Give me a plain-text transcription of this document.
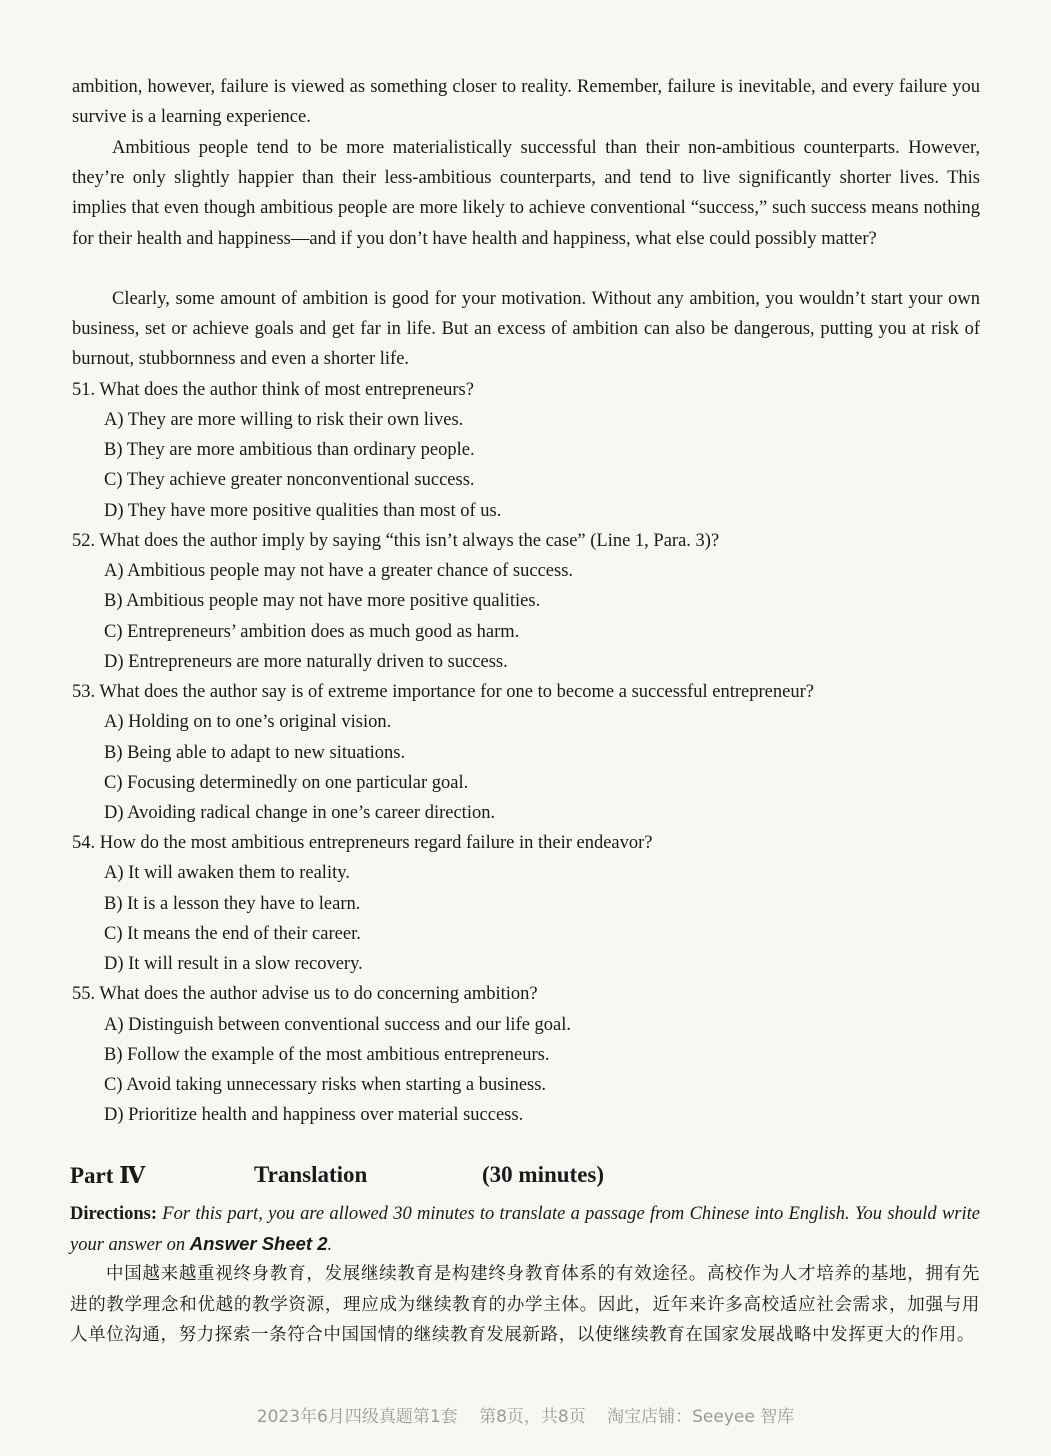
ambition, however, failure is viewed as something closer to reality. Remember, failure is inevitable, and every failure you survive is a learning experience.

Ambitious people tend to be more materialistically successful than their non-ambitious counterparts. However, they’re only slightly happier than their less-ambitious counterparts, and tend to live significantly shorter lives. This implies that even though ambitious people are more likely to achieve conventional “success,” such success means nothing for their health and happiness—and if you don’t have health and happiness, what else could possibly matter?

Clearly, some amount of ambition is good for your motivation. Without any ambition, you wouldn’t start your own business, set or achieve goals and get far in life. But an excess of ambition can also be dangerous, putting you at risk of burnout, stubbornness and even a shorter life.

51. What does the author think of most entrepreneurs?
A) They are more willing to risk their own lives.
B) They are more ambitious than ordinary people.
C) They achieve greater nonconventional success.
D) They have more positive qualities than most of us.
52. What does the author imply by saying “this isn’t always the case” (Line 1, Para. 3)?
A) Ambitious people may not have a greater chance of success.
B) Ambitious people may not have more positive qualities.
C) Entrepreneurs’ ambition does as much good as harm.
D) Entrepreneurs are more naturally driven to success.
53. What does the author say is of extreme importance for one to become a successful entrepreneur?
A) Holding on to one’s original vision.
B) Being able to adapt to new situations.
C) Focusing determinedly on one particular goal.
D) Avoiding radical change in one’s career direction.
54. How do the most ambitious entrepreneurs regard failure in their endeavor?
A) It will awaken them to reality.
B) It is a lesson they have to learn.
C) It means the end of their career.
D) It will result in a slow recovery.
55. What does the author advise us to do concerning ambition?
A) Distinguish between conventional success and our life goal.
B) Follow the example of the most ambitious entrepreneurs.
C) Avoid taking unnecessary risks when starting a business.
D) Prioritize health and happiness over material success.
Part Ⅳ	Translation	(30 minutes)

Directions: For this part, you are allowed 30 minutes to translate a passage from Chinese into English. You should write your answer on Answer Sheet 2.

中国越来越重视终身教育，发展继续教育是构建终身教育体系的有效途径。高校作为人才培养的基地，拥有先进的教学理念和优越的教学资源，理应成为继续教育的办学主体。因此，近年来许多高校适应社会需求，加强与用人单位沟通，努力探索一条符合中国国情的继续教育发展新路，以使继续教育在国家发展战略中发挥更大的作用。

2023年6月四级真题第1套 第8页，共8页 淘宝店铺：Seeyee 智库
